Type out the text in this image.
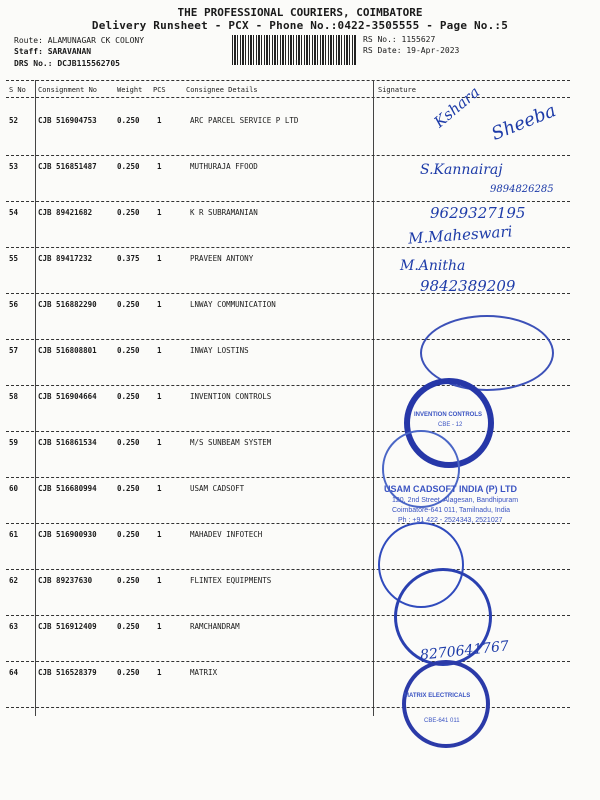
THE PROFESSIONAL COURIERS, COIMBATORE
Delivery Runsheet - PCX - Phone No.:0422-3505555 - Page No.:5
Route: ALAMUNAGAR CK COLONY
Staff: SARAVANAN
DRS No.: DCJB115562705
RS No.: 1155627
RS Date: 19-Apr-2023
S No Consignment No	Weight PCS	Consignee Details	Signature
52	CJB 516904753	0.250 1	ARC PARCEL SERVICE P LTD
53	CJB 516851487	0.250 1	MUTHURAJA FFOOD
54	CJB 89421682	0.250 1	K R SUBRAMANIAN
55	CJB 89417232	0.375 1	PRAVEEN ANTONY
56	CJB 516882290	0.250 1	LNWAY COMMUNICATION
57	CJB 516808801	0.250 1	INWAY LOSTINS
58	CJB 516904664	0.250 1	INVENTION CONTROLS
59	CJB 516861534	0.250 1	M/S SUNBEAM SYSTEM
60	CJB 516680994	0.250 1	USAM CADSOFT
61	CJB 516900930	0.250 1	MAHADEV INFOTECH
62	CJB 89237630	0.250 1	FLINTEX EQUIPMENTS
63	CJB 516912409	0.250 1	RAMCHANDRAM
64	CJB 516528379	0.250 1	MATRIX
Kshara Sheeba
S.Kannairaj
9894826285
9629327195
M.Maheswari
M.Anitha
9842389209
8270641767
INVENTION CONTROLS
CBE - 12
USAM CADSOFT INDIA (P) LTD
120, 2nd Street, Alagesan, Bandhipuram
Coimbatore-641 011, Tamilnadu, India
Ph : +91 422 - 2524343, 2521027
MATRIX ELECTRICALS
CBE-641 011
